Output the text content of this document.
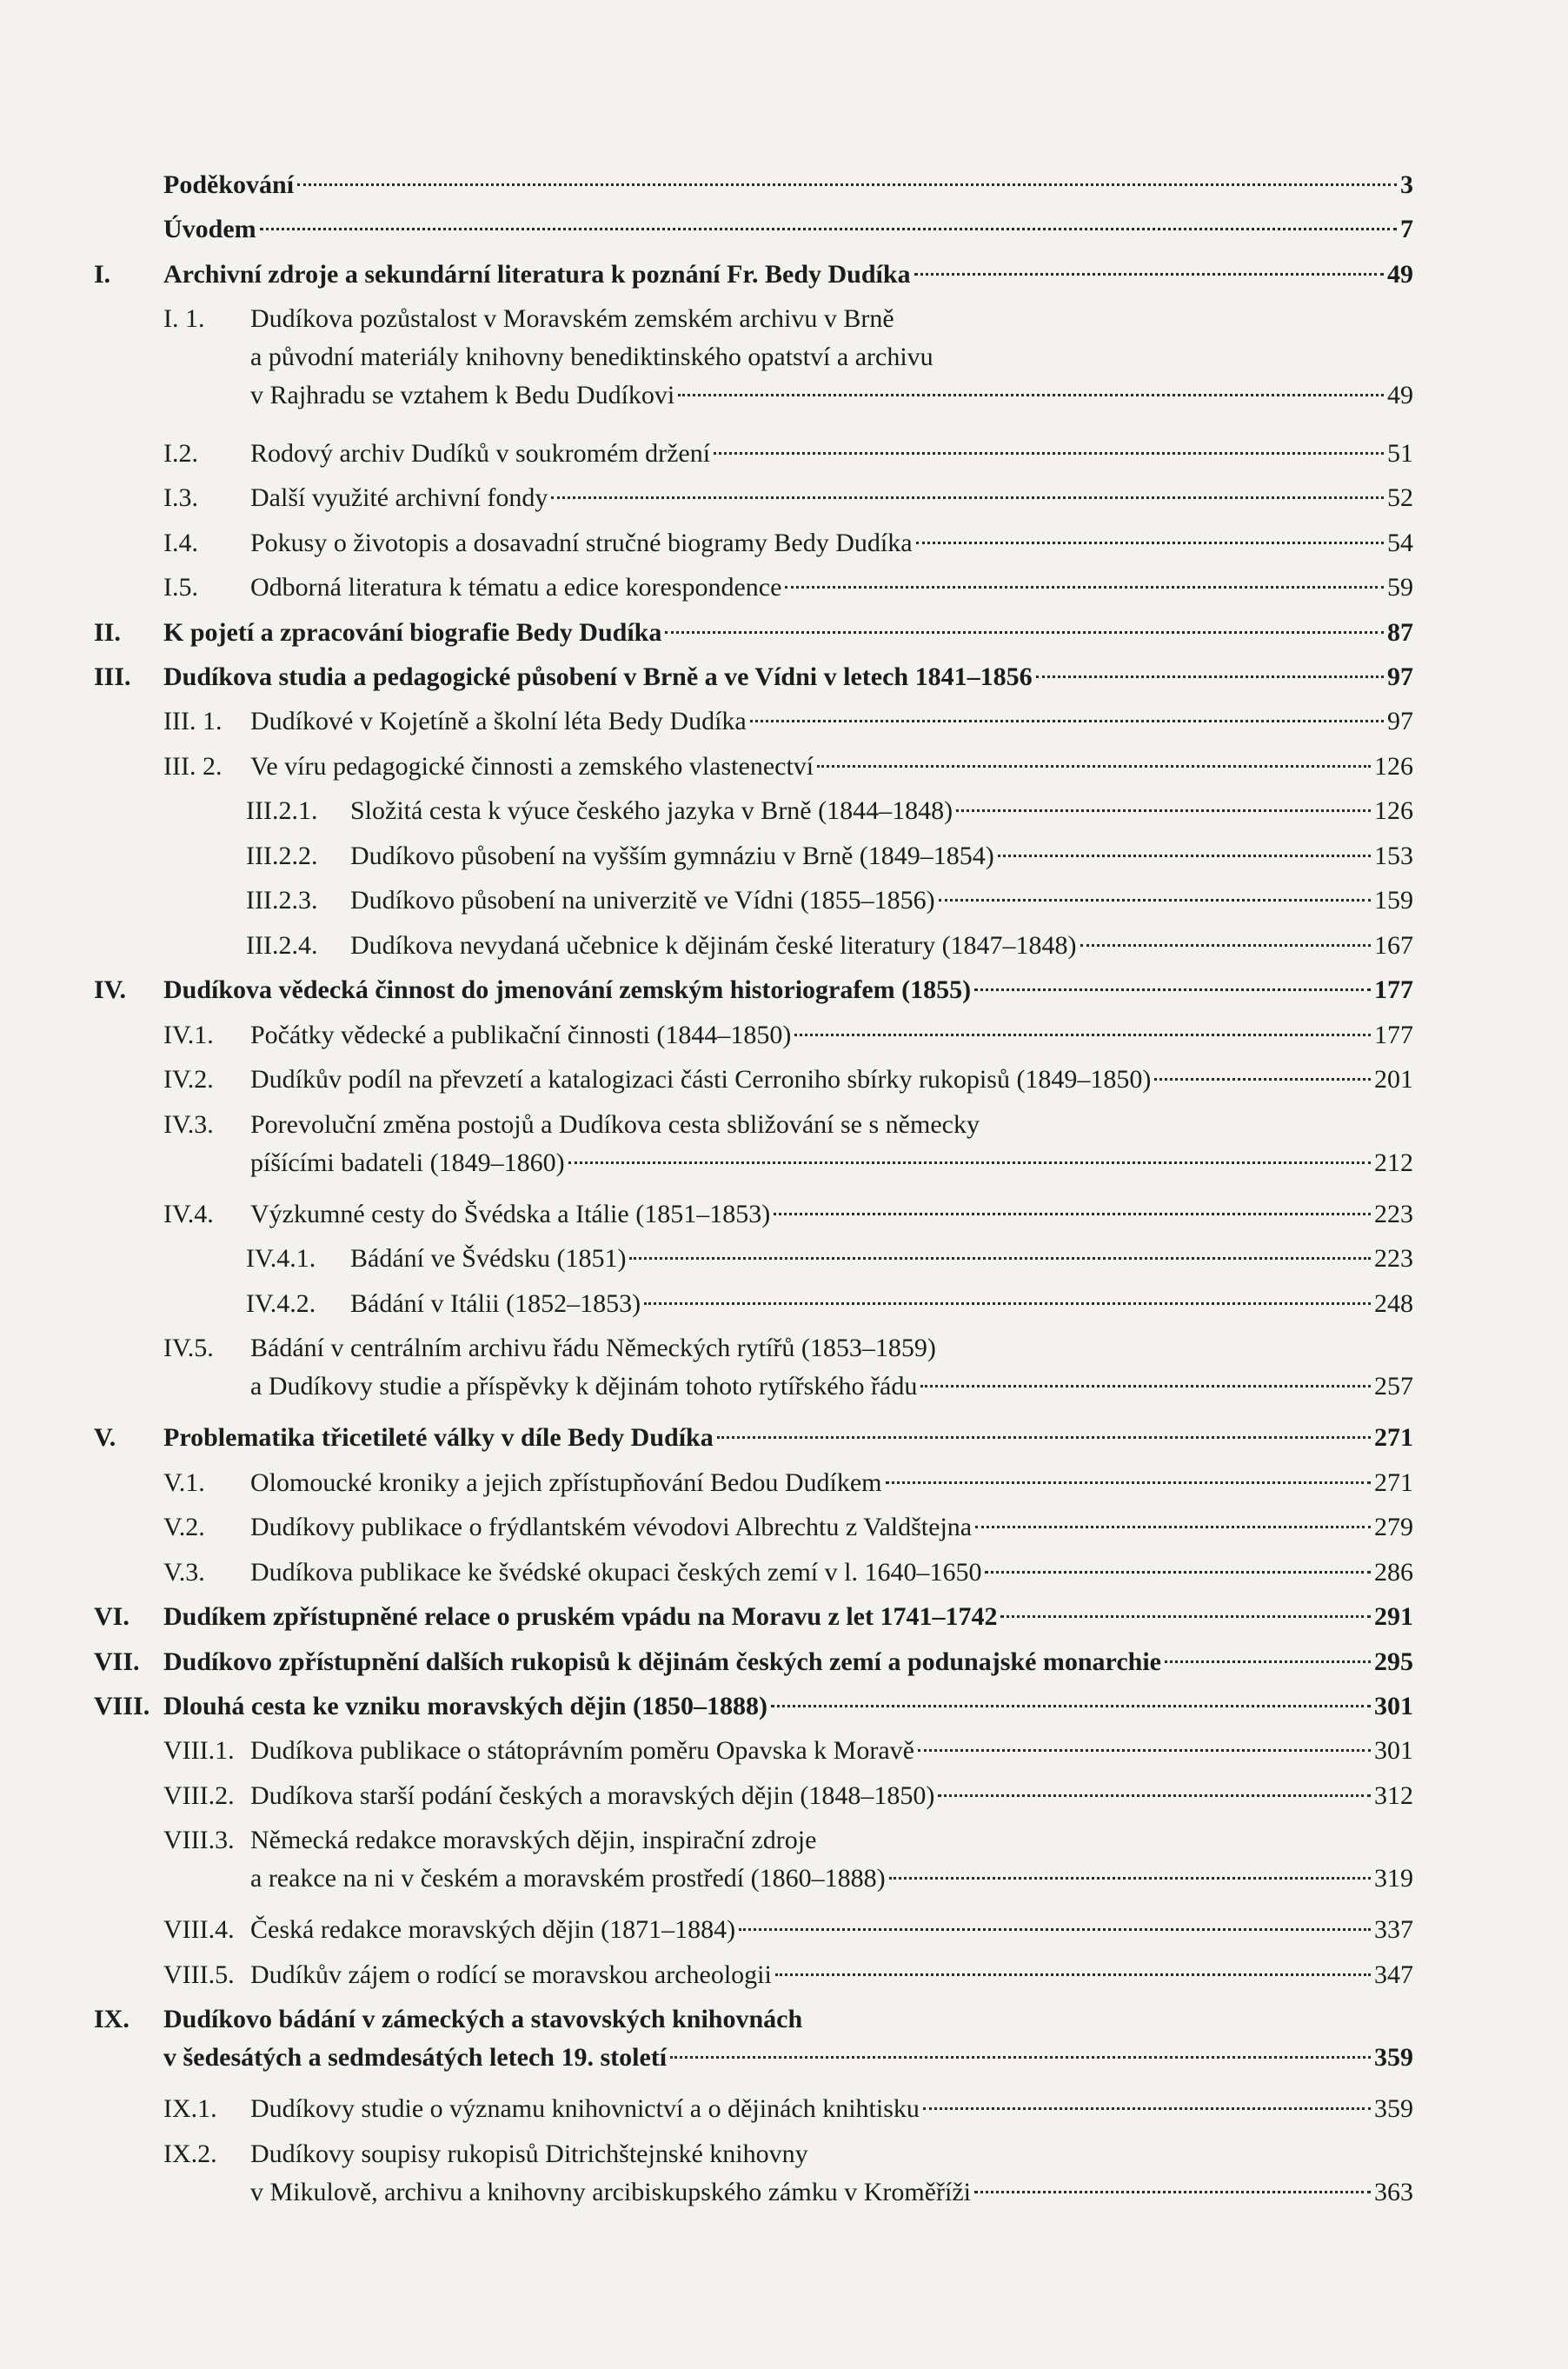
Poděkování	3
Úvodem	7
I. Archivní zdroje a sekundární literatura k poznání Fr. Bedy Dudíka	49
I. 1. Dudíkova pozůstalost v Moravském zemském archivu v Brně
a původní materiály knihovny benediktinského opatství a archivu
v Rajhradu se vztahem k Bedu Dudíkovi	49
I.2. Rodový archiv Dudíků v soukromém držení	51
I.3. Další využité archivní fondy	52
I.4. Pokusy o životopis a dosavadní stručné biogramy Bedy Dudíka	54
I.5. Odborná literatura k tématu a edice korespondence	59
II. K pojetí a zpracování biografie Bedy Dudíka	87
III. Dudíkova studia a pedagogické působení v Brně a ve Vídni v letech 1841–1856	97
III. 1. Dudíkové v Kojetíně a školní léta Bedy Dudíka	97
III. 2. Ve víru pedagogické činnosti a zemského vlastenectví	126
III.2.1. Složitá cesta k výuce českého jazyka v Brně (1844–1848)	126
III.2.2. Dudíkovo působení na vyšším gymnáziu v Brně (1849–1854)	153
III.2.3. Dudíkovo působení na univerzitě ve Vídni (1855–1856)	159
III.2.4. Dudíkova nevydaná učebnice k dějinám české literatury (1847–1848)	167
IV. Dudíkova vědecká činnost do jmenování zemským historiografem (1855)	177
IV.1. Počátky vědecké a publikační činnosti (1844–1850)	177
IV.2. Dudíkův podíl na převzetí a katalogizaci části Cerroniho sbírky rukopisů (1849–1850)	201
IV.3. Porevoluční změna postojů a Dudíkova cesta sbližování se s německy
píšícími badateli (1849–1860)	212
IV.4. Výzkumné cesty do Švédska a Itálie (1851–1853)	223
IV.4.1. Bádání ve Švédsku (1851)	223
IV.4.2. Bádání v Itálii (1852–1853)	248
IV.5. Bádání v centrálním archivu řádu Německých rytířů (1853–1859)
a Dudíkovy studie a příspěvky k dějinám tohoto rytířského řádu	257
V. Problematika třicetileté války v díle Bedy Dudíka	271
V.1. Olomoucké kroniky a jejich zpřístupňování Bedou Dudíkem	271
V.2. Dudíkovy publikace o frýdlantském vévodovi Albrechtu z Valdštejna	279
V.3. Dudíkova publikace ke švédské okupaci českých zemí v l. 1640–1650	286
VI. Dudíkem zpřístupněné relace o pruském vpádu na Moravu z let 1741–1742	291
VII. Dudíkovo zpřístupnění dalších rukopisů k dějinám českých zemí a podunajské monarchie	295
VIII. Dlouhá cesta ke vzniku moravských dějin (1850–1888)	301
VIII.1. Dudíkova publikace o státoprávním poměru Opavska k Moravě	301
VIII.2. Dudíkova starší podání českých a moravských dějin (1848–1850)	312
VIII.3. Německá redakce moravských dějin, inspirační zdroje
a reakce na ni v českém a moravském prostředí (1860–1888)	319
VIII.4. Česká redakce moravských dějin (1871–1884)	337
VIII.5. Dudíkův zájem o rodící se moravskou archeologii	347
IX. Dudíkovo bádání v zámeckých a stavovských knihovnách
v šedesátých a sedmdesátých letech 19. století	359
IX.1. Dudíkovy studie o významu knihovnictví a o dějinách knihtisku	359
IX.2. Dudíkovy soupisy rukopisů Ditrichštejnské knihovny
v Mikulově, archivu a knihovny arcibiskupského zámku v Kroměříži	363
